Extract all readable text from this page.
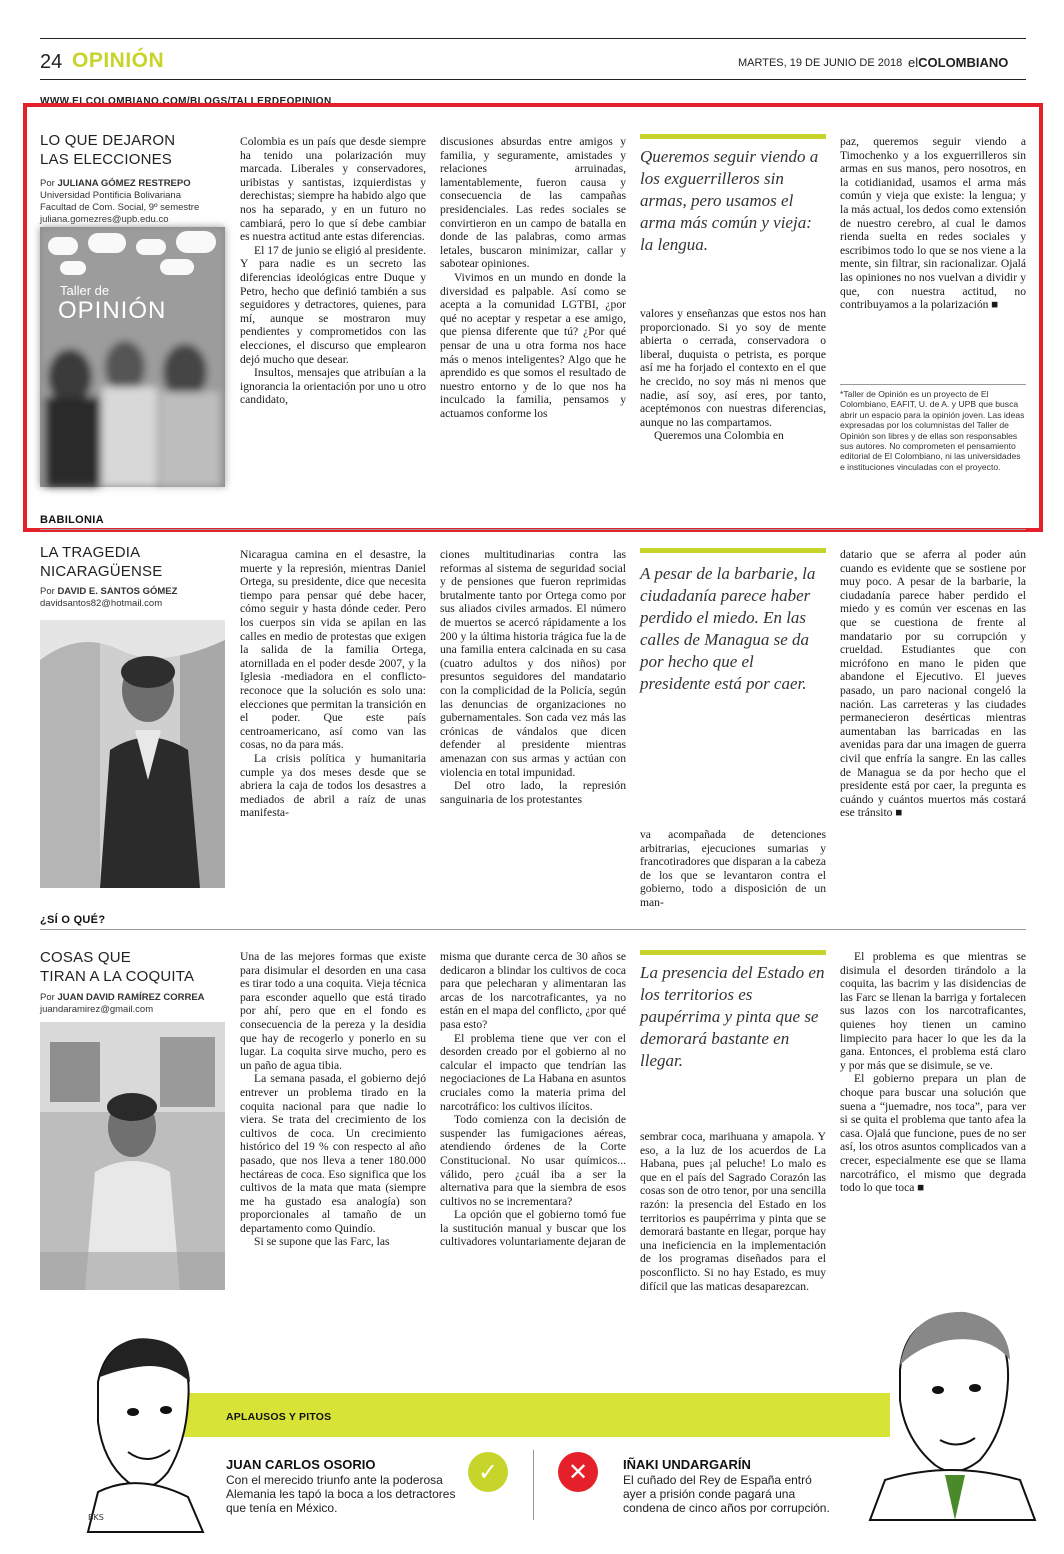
24 OPINIÓN	MARTES, 19 DE JUNIO DE 2018 elCOLOMBIANO
WWW.ELCOLOMBIANO.COM/BLOGS/TALLERDEOPINION
LO QUE DEJARON
LAS ELECCIONES
Por JULIANA GÓMEZ RESTREPO
Universidad Pontificia Bolivariana
Facultad de Com. Social, 9º semestre
juliana.gomezres@upb.edu.co
Taller de
OPINIÓN

Colombia es un país que desde siempre ha tenido una polarización muy marcada. Liberales y conservadores, uribistas y santistas, izquierdistas y derechistas; siempre ha habido algo que nos ha separado, y en un futuro no cambiará, pero lo que sí debe cambiar es nuestra actitud ante estas diferencias.

El 17 de junio se eligió al presidente. Y para nadie es un secreto las diferencias ideológicas entre Duque y Petro, hecho que definió también a sus seguidores y detractores, quienes, para mí, aunque se mostraron muy pendientes y comprometidos con las elecciones, el discurso que emplearon dejó mucho que desear.

Insultos, mensajes que atribuían a la ignorancia la orientación por uno u otro candidato,

discusiones absurdas entre amigos y familia, y seguramente, amistades y relaciones arruinadas, lamentablemente, fueron causa y consecuencia de las campañas presidenciales. Las redes sociales se convirtieron en un campo de batalla en donde de las palabras, como armas letales, buscaron minimizar, callar y sabotear opiniones.

Vivimos en un mundo en donde la diversidad es palpable. Así como se acepta a la comunidad LGTBI, ¿por qué no aceptar y respetar a ese amigo, que piensa diferente que tú? ¿Por qué pensar de una u otra forma nos hace más o menos inteligentes? Algo que he aprendido es que somos el resultado de nuestro entorno y de lo que nos ha inculcado la familia, pensamos y actuamos conforme los

Queremos seguir viendo a los exguerrilleros sin armas, pero usamos el arma más común y vieja: la lengua.

valores y enseñanzas que estos nos han proporcionado. Si yo soy de mente abierta o cerrada, conservadora o liberal, duquista o petrista, es porque así me ha forjado el contexto en el que he crecido, no soy más ni menos que nadie, así soy, así eres, por tanto, aceptémonos con nuestras diferencias, aunque no las compartamos.

Queremos una Colombia en

paz, queremos seguir viendo a Timochenko y a los exguerrilleros sin armas en sus manos, pero nosotros, en la cotidianidad, usamos el arma más común y vieja que existe: la lengua; y la más actual, los dedos como extensión de nuestro cerebro, al cual le damos rienda suelta en redes sociales y escribimos todo lo que se nos viene a la mente, sin filtrar, sin racionalizar. Ojalá las opiniones no nos vuelvan a dividir y que, con nuestra actitud, no contribuyamos a la polarización ■

*Taller de Opinión es un proyecto de El Colombiano, EAFIT, U. de A. y UPB que busca abrir un espacio para la opinión joven. Las ideas expresadas por los columnistas del Taller de Opinión son libres y de ellas son responsables sus autores. No comprometen el pensamiento editorial de El Colombiano, ni las universidades e instituciones vinculadas con el proyecto.
BABILONIA
LA TRAGEDIA
NICARAGÜENSE
Por DAVID E. SANTOS GÓMEZ
davidsantos82@hotmail.com

Nicaragua camina en el desastre, la muerte y la represión, mientras Daniel Ortega, su presidente, dice que necesita tiempo para pensar qué debe hacer, cómo seguir y hasta dónde ceder. Pero los cuerpos sin vida se apilan en las calles en medio de protestas que exigen la salida de la familia Ortega, atornillada en el poder desde 2007, y la Iglesia -mediadora en el conflicto- reconoce que la solución es solo una: elecciones que permitan la transición en el poder. Que este país centroamericano, así como van las cosas, no da para más.

La crisis política y humanitaria cumple ya dos meses desde que se abriera la caja de todos los desastres a mediados de abril a raíz de unas manifesta-

ciones multitudinarias contra las reformas al sistema de seguridad social y de pensiones que fueron reprimidas brutalmente tanto por Ortega como por sus aliados civiles armados. El número de muertos se acercó rápidamente a los 200 y la última historia trágica fue la de una familia entera calcinada en su casa (cuatro adultos y dos niños) por presuntos seguidores del mandatario con la complicidad de la Policía, según las denuncias de organizaciones no gubernamentales. Son cada vez más las crónicas de vándalos que dicen defender al presidente mientras amenazan con sus armas y actúan con violencia en total impunidad.

Del otro lado, la represión sanguinaria de los protestantes

A pesar de la barbarie, la ciudadanía parece haber perdido el miedo. En las calles de Managua se da por hecho que el presidente está por caer.

va acompañada de detenciones arbitrarias, ejecuciones sumarias y francotiradores que disparan a la cabeza de los que se levantaron contra el gobierno, todo a disposición de un man-

datario que se aferra al poder aún cuando es evidente que se sostiene por muy poco. A pesar de la barbarie, la ciudadanía parece haber perdido el miedo y es común ver escenas en las que se cuestiona de frente al mandatario por su corrupción y crueldad. Estudiantes que con micrófono en mano le piden que abandone el Ejecutivo. El jueves pasado, un paro nacional congeló la nación. Las carreteras y las ciudades permanecieron desérticas mientras aumentaban las barricadas en las avenidas para dar una imagen de guerra civil que enfría la sangre. En las calles de Managua se da por hecho que el presidente está por caer, la pregunta es cuándo y cuántos muertos más costará ese tránsito ■

¿SÍ O QUÉ?
COSAS QUE
TIRAN A LA COQUITA
Por JUAN DAVID RAMÍREZ CORREA
juandaramirez@gmail.com

Una de las mejores formas que existe para disimular el desorden en una casa es tirar todo a una coquita. Vieja técnica para esconder aquello que está tirado por ahí, pero que en el fondo es consecuencia de la pereza y la desidia que hay de recogerlo y ponerlo en su lugar. La coquita sirve mucho, pero es un paño de agua tibia.

La semana pasada, el gobierno dejó entrever un problema tirado en la coquita nacional para que nadie lo viera. Se trata del crecimiento de los cultivos de coca. Un crecimiento histórico del 19 % con respecto al año pasado, que nos lleva a tener 180.000 hectáreas de coca. Eso significa que los cultivos de la mata que mata (siempre me ha gustado esa analogía) son proporcionales al tamaño de un departamento como Quindío.

Si se supone que las Farc, las

misma que durante cerca de 30 años se dedicaron a blindar los cultivos de coca para que pelecharan y alimentaran las arcas de los narcotraficantes, ya no están en el mapa del conflicto, ¿por qué pasa esto?

El problema tiene que ver con el desorden creado por el gobierno al no calcular el impacto que tendrían las negociaciones de La Habana en asuntos cruciales como la materia prima del narcotráfico: los cultivos ilícitos.

Todo comienza con la decisión de suspender las fumigaciones aéreas, atendiendo órdenes de la Corte Constitucional. No usar químicos... válido, pero ¿cuál iba a ser la alternativa para que la siembra de esos cultivos no se incrementara?

La opción que el gobierno tomó fue la sustitución manual y buscar que los cultivadores voluntariamente dejaran de

La presencia del Estado en los territorios es paupérrima y pinta que se demorará bastante en llegar.

sembrar coca, marihuana y amapola. Y eso, a la luz de los acuerdos de La Habana, pues ¡al peluche! Lo malo es que en el país del Sagrado Corazón las cosas son de otro tenor, por una sencilla razón: la presencia del Estado en los territorios es paupérrima y pinta que se demorará bastante en llegar, porque hay una ineficiencia en la implementación de los programas diseñados para el posconflicto. Si no hay Estado, es muy difícil que las maticas desaparezcan.

El problema es que mientras se disimula el desorden tirándolo a la coquita, las bacrim y las disidencias de las Farc se llenan la barriga y fortalecen sus lazos con los narcotraficantes, quienes hoy tienen un camino limpiecito para hacer lo que les da la gana. Entonces, el problema está claro y por más que se disimule, se ve.

El gobierno prepara un plan de choque para buscar una solución que suena a “juemadre, nos toca”, para ver si se quita el problema que tanto afea la casa. Ojalá que funcione, pues de no ser así, los otros asuntos complicados van a crecer, especialmente ese que se llama narcotráfico, el mismo que degrada todo lo que toca ■

APLAUSOS Y PITOS
BKS
JUAN CARLOS OSORIO
Con el merecido triunfo ante la poderosa Alemania les tapó la boca a los detractores que tenía en México.
✓	✕	IÑAKI UNDARGARÍN
El cuñado del Rey de España entró ayer a prisión conde pagará una condena de cinco años por corrupción.
